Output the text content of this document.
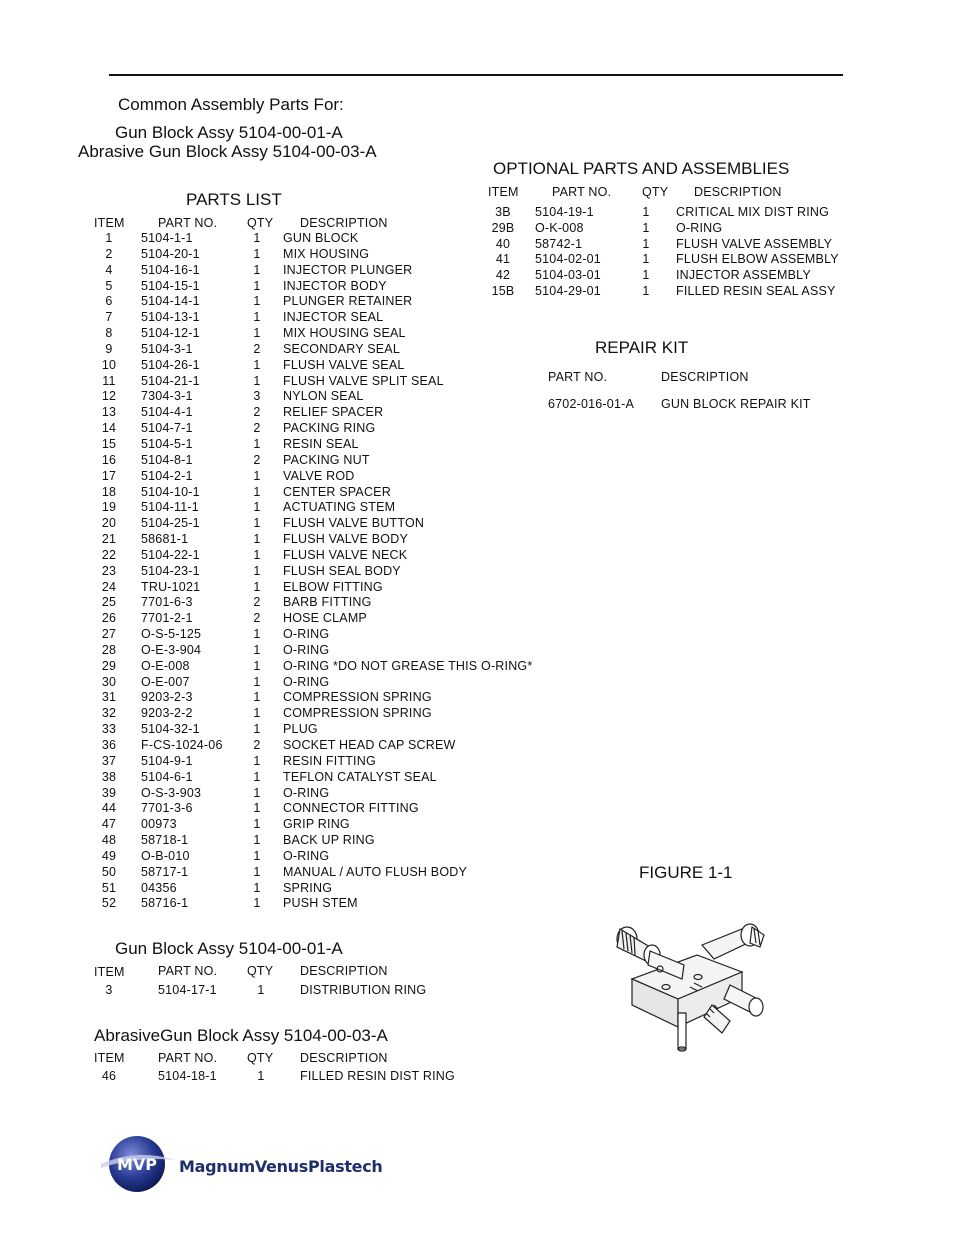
Common Assembly Parts For:
Gun Block Assy 5104-00-01-A
Abrasive Gun Block Assy 5104-00-03-A
PARTS LIST
ITEM	PART NO. QTY DESCRIPTION
1	5104-1-1	1	GUN BLOCK
2	5104-20-1	1	MIX HOUSING
4	5104-16-1	1	INJECTOR PLUNGER
5	5104-15-1	1	INJECTOR BODY
6	5104-14-1	1	PLUNGER RETAINER
7	5104-13-1	1	INJECTOR SEAL
8	5104-12-1	1	MIX HOUSING SEAL
9	5104-3-1	2	SECONDARY SEAL
10	5104-26-1	1	FLUSH VALVE SEAL
11	5104-21-1	1	FLUSH VALVE SPLIT SEAL
12	7304-3-1	3	NYLON SEAL
13	5104-4-1	2	RELIEF SPACER
14	5104-7-1	2	PACKING RING
15	5104-5-1	1	RESIN SEAL
16	5104-8-1	2	PACKING NUT
17	5104-2-1	1	VALVE ROD
18	5104-10-1	1	CENTER SPACER
19	5104-11-1	1	ACTUATING STEM
20	5104-25-1	1	FLUSH VALVE BUTTON
21	58681-1	1	FLUSH VALVE BODY
22	5104-22-1	1	FLUSH VALVE NECK
23	5104-23-1	1	FLUSH SEAL BODY
24	TRU-1021	1	ELBOW FITTING
25	7701-6-3	2	BARB FITTING
26	7701-2-1	2	HOSE CLAMP
27	O-S-5-125	1	O-RING
28	O-E-3-904	1	O-RING
29	O-E-008	1	O-RING *DO NOT GREASE THIS O-RING*
30	O-E-007	1	O-RING
31	9203-2-3	1	COMPRESSION SPRING
32	9203-2-2	1	COMPRESSION SPRING
33	5104-32-1	1	PLUG
36	F-CS-1024-06	2	SOCKET HEAD CAP SCREW
37	5104-9-1	1	RESIN FITTING
38	5104-6-1	1	TEFLON CATALYST SEAL
39	O-S-3-903	1	O-RING
44	7701-3-6	1	CONNECTOR FITTING
47	00973	1	GRIP RING
48	58718-1	1	BACK UP RING
49	O-B-010	1	O-RING
50	58717-1	1	MANUAL / AUTO FLUSH BODY
51	04356	1	SPRING
52	58716-1	1	PUSH STEM
OPTIONAL PARTS AND ASSEMBLIES
ITEM	PART NO. QTY DESCRIPTION
3B	5104-19-1	1	CRITICAL MIX DIST RING
29B	O-K-008	1	O-RING
40	58742-1	1	FLUSH VALVE ASSEMBLY
41	5104-02-01	1	FLUSH ELBOW ASSEMBLY
42	5104-03-01	1	INJECTOR ASSEMBLY
15B	5104-29-01	1	FILLED RESIN SEAL ASSY
REPAIR KIT
PART NO.	DESCRIPTION
6702-016-01-A GUN BLOCK REPAIR KIT
FIGURE 1-1
Gun Block Assy 5104-00-01-A
ITEM	PART NO. QTY DESCRIPTION
3	5104-17-1	1	DISTRIBUTION RING
AbrasiveGun Block Assy 5104-00-03-A
ITEM	PART NO. QTY DESCRIPTION
46	5104-18-1	1	FILLED RESIN DIST RING
MVP MagnumVenusPlastech
